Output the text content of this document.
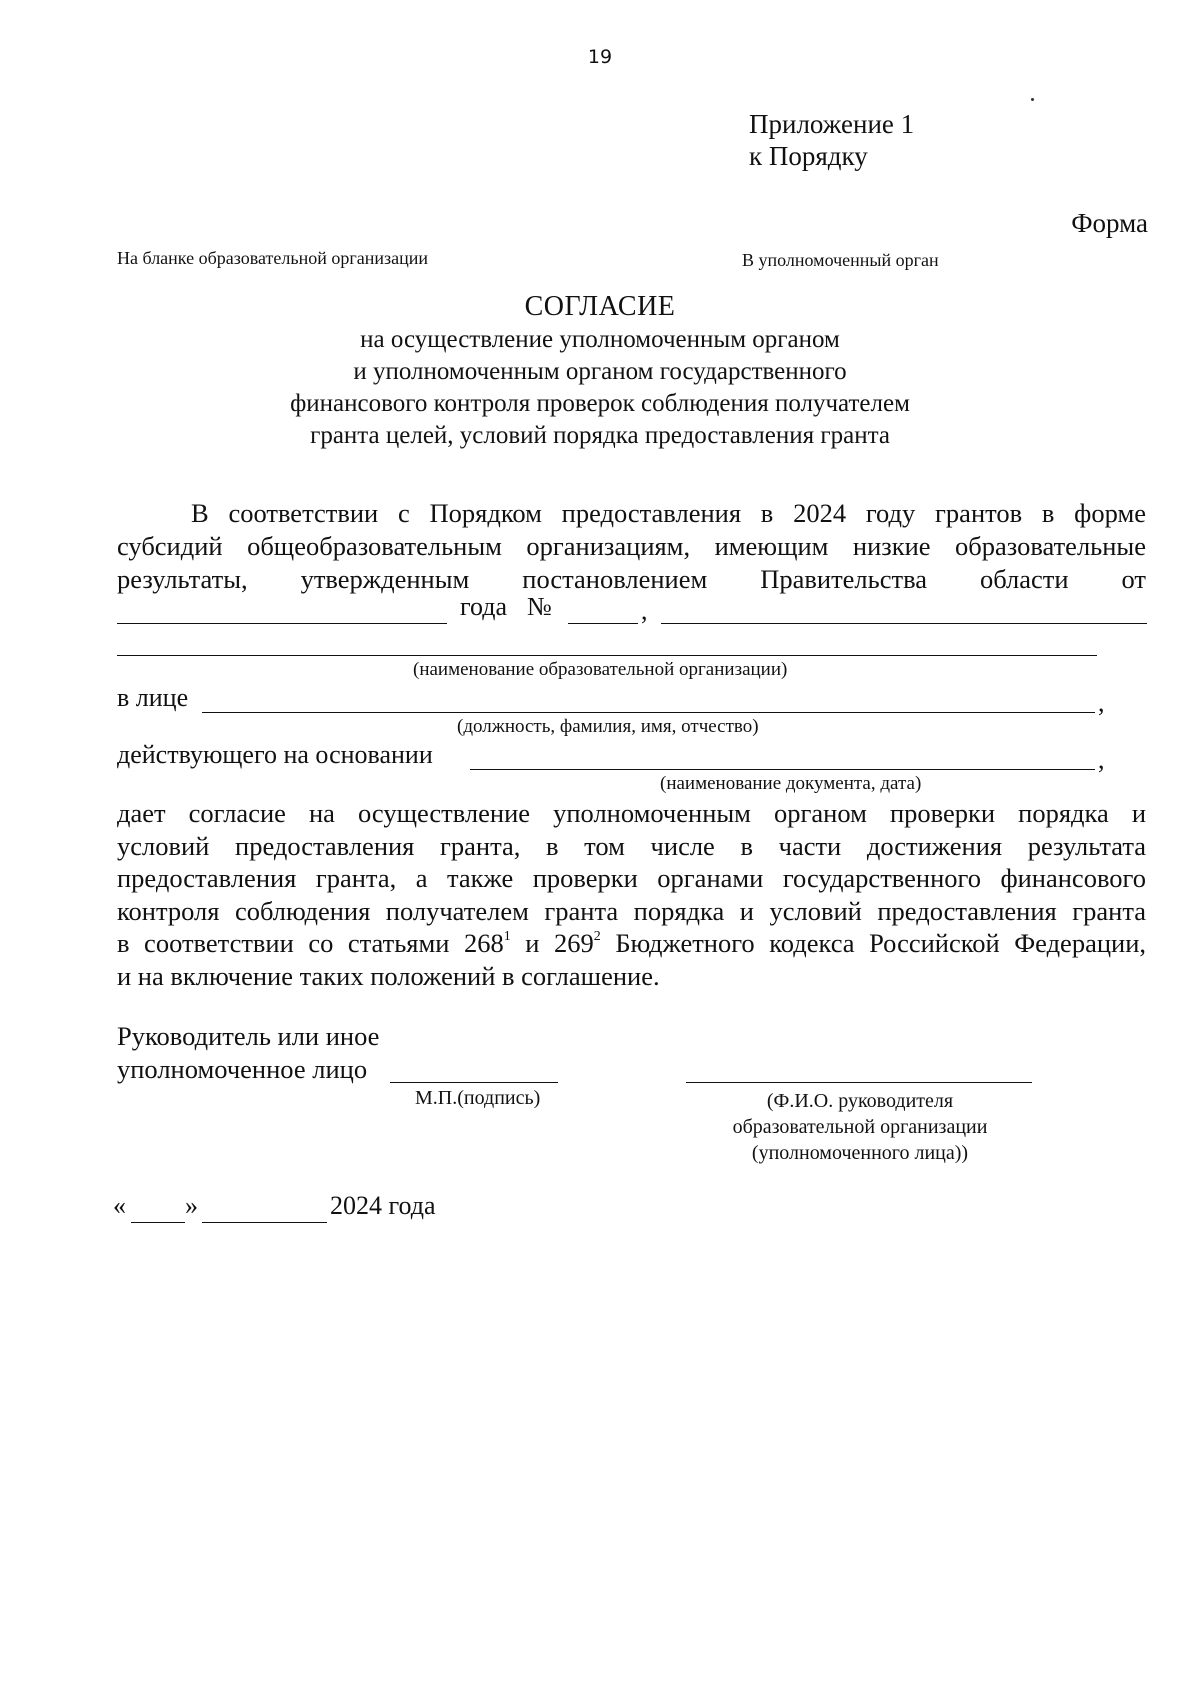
19
Приложение 1
к Порядку
Форма
На бланке образовательной организации	В уполномоченный орган
СОГЛАСИЕ
на осуществление уполномоченным органом
и уполномоченным органом государственного
финансового контроля проверок соблюдения получателем
гранта целей, условий порядка предоставления гранта
В соответствии с Порядком предоставления в 2024 году грантов в форме
субсидий общеобразовательным организациям, имеющим низкие образовательные
результаты, утвержденным постановлением Правительства области от
года №	,
(наименование образовательной организации)
в лице	,
(должность, фамилия, имя, отчество)
действующего на основании	,
(наименование документа, дата)
дает согласие на осуществление уполномоченным органом проверки порядка и
условий предоставления гранта, в том числе в части достижения результата
предоставления гранта, а также проверки органами государственного финансового
контроля соблюдения получателем гранта порядка и условий предоставления гранта
в соответствии со статьями $268^1$ и $269^2$ Бюджетного кодекса Российской Федерации,
и на включение таких положений в соглашение.
Руководитель или иное
уполномоченное лицо
М.П.(подпись)	(Ф.И.О. руководителя
образовательной организации
(уполномоченного лица))
« »	2024 года
